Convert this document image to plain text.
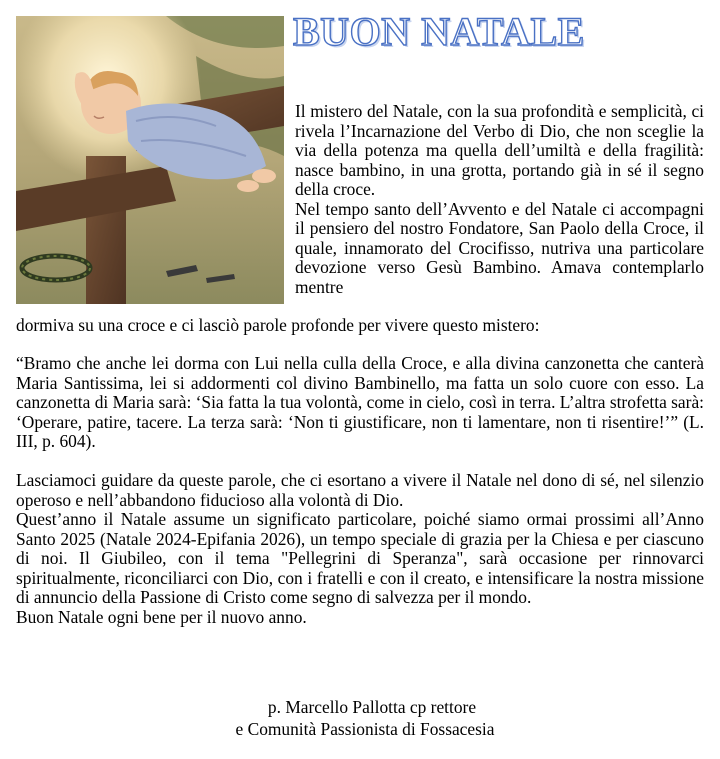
BUON NATALE

Il mistero del Natale, con la sua profondità e semplicità, ci rivela l’Incarnazione del Verbo di Dio, che non sceglie la via della potenza ma quella dell’umiltà e della fragilità: nasce bambino, in una grotta, portando già in sé il segno della croce.

Nel tempo santo dell’Avvento e del Natale ci accompagni il pensiero del nostro Fondatore, San Paolo della Croce, il quale, innamorato del Crocifisso, nutriva una particolare devozione verso Gesù Bambino. Amava contemplarlo mentre

dormiva su una croce e ci lasciò parole profonde per vivere questo mistero:

“Bramo che anche lei dorma con Lui nella culla della Croce, e alla divina canzonetta che canterà Maria Santissima, lei si addormenti col divino Bambinello, ma fatta un solo cuore con esso. La canzonetta di Maria sarà: ‘Sia fatta la tua volontà, come in cielo, così in terra. L’altra strofetta sarà: ‘Operare, patire, tacere. La terza sarà: ‘Non ti giustificare, non ti lamentare, non ti risentire!’” (L. III, p. 604).

Lasciamoci guidare da queste parole, che ci esortano a vivere il Natale nel dono di sé, nel silenzio operoso e nell’abbandono fiducioso alla volontà di Dio.

Quest’anno il Natale assume un significato particolare, poiché siamo ormai prossimi all’Anno Santo 2025 (Natale 2024-Epifania 2026), un tempo speciale di grazia per la Chiesa e per ciascuno di noi. Il Giubileo, con il tema "Pellegrini di Speranza", sarà occasione per rinnovarci spiritualmente, riconciliarci con Dio, con i fratelli e con il creato, e intensificare la nostra missione di annuncio della Passione di Cristo come segno di salvezza per il mondo.

Buon Natale ogni bene per il nuovo anno.

p. Marcello Pallotta cp rettore

e Comunità Passionista di Fossacesia
